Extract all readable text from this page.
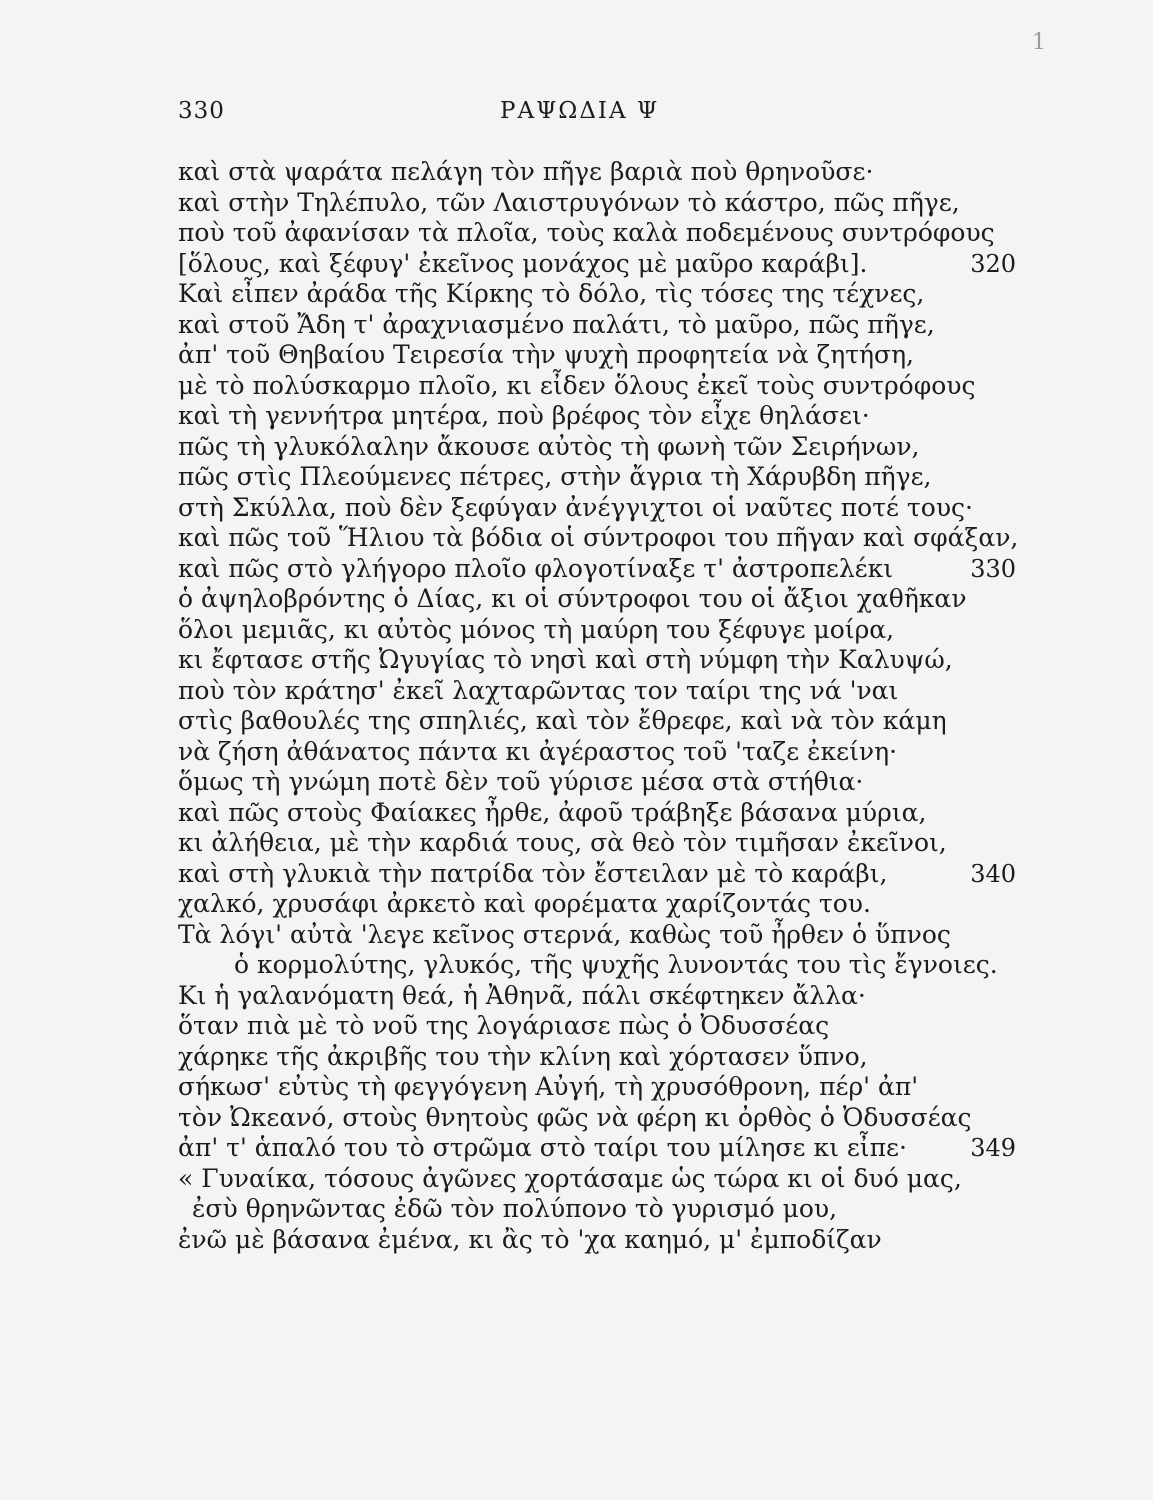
1
330	ΡΑΨΩΔΙΑ Ψ
καὶ στὰ ψαράτα πελάγη τὸν πῆγε βαριὰ ποὺ θρηνοῦσε·
καὶ στὴν Τηλέπυλο, τῶν Λαιστρυγόνων τὸ κάστρο, πῶς πῆγε,
ποὺ τοῦ ἀφανίσαν τὰ πλοῖα, τοὺς καλὰ ποδεμένους συντρόφους
[ὅλους, καὶ ξέφυγ' ἐκεῖνος μονάχος μὲ μαῦρο καράβι].	320
Καὶ εἶπεν ἀράδα τῆς Κίρκης τὸ δόλο, τὶς τόσες της τέχνες,
καὶ στοῦ Ἄδη τ' ἀραχνιασμένο παλάτι, τὸ μαῦρο, πῶς πῆγε,
ἀπ' τοῦ Θηβαίου Τειρεσία τὴν ψυχὴ προφητεία νὰ ζητήση,
μὲ τὸ πολύσκαρμο πλοῖο, κι εἶδεν ὅλους ἐκεῖ τοὺς συντρόφους
καὶ τὴ γεννήτρα μητέρα, ποὺ βρέφος τὸν εἶχε θηλάσει·
πῶς τὴ γλυκόλαλην ἄκουσε αὐτὸς τὴ φωνὴ τῶν Σειρήνων,
πῶς στὶς Πλεούμενες πέτρες, στὴν ἄγρια τὴ Χάρυβδη πῆγε,
στὴ Σκύλλα, ποὺ δὲν ξεφύγαν ἀνέγγιχτοι οἱ ναῦτες ποτέ τους·
καὶ πῶς τοῦ Ἥλιου τὰ βόδια οἱ σύντροφοι του πῆγαν καὶ σφάξαν,
καὶ πῶς στὸ γλήγορο πλοῖο φλογοτίναξε τ' ἀστροπελέκι	330
ὁ ἀψηλοβρόντης ὁ Δίας, κι οἱ σύντροφοι του οἱ ἄξιοι χαθῆκαν
ὅλοι μεμιᾶς, κι αὐτὸς μόνος τὴ μαύρη του ξέφυγε μοίρα,
κι ἔφτασε στῆς Ὠγυγίας τὸ νησὶ καὶ στὴ νύμφη τὴν Καλυψώ,
ποὺ τὸν κράτησ' ἐκεῖ λαχταρῶντας τον ταίρι της νά 'ναι
στὶς βαθουλές της σπηλιές, καὶ τὸν ἔθρεφε, καὶ νὰ τὸν κάμη
νὰ ζήση ἀθάνατος πάντα κι ἀγέραστος τοῦ 'ταζε ἐκείνη·
ὅμως τὴ γνώμη ποτὲ δὲν τοῦ γύρισε μέσα στὰ στήθια·
καὶ πῶς στοὺς Φαίακες ἦρθε, ἀφοῦ τράβηξε βάσανα μύρια,
κι ἀλήθεια, μὲ τὴν καρδιά τους, σὰ θεὸ τὸν τιμῆσαν ἐκεῖνοι,
καὶ στὴ γλυκιὰ τὴν πατρίδα τὸν ἔστειλαν μὲ τὸ καράβι,	340
χαλκό, χρυσάφι ἀρκετὸ καὶ φορέματα χαρίζοντάς του.
Τὰ λόγι' αὐτὰ 'λεγε κεῖνος στερνά, καθὼς τοῦ ἦρθεν ὁ ὕπνος
ὁ κορμολύτης, γλυκός, τῆς ψυχῆς λυνοντάς του τὶς ἔγνοιες.
Κι ἡ γαλανόματη θεά, ἡ Ἀθηνᾶ, πάλι σκέφτηκεν ἄλλα·
ὅταν πιὰ μὲ τὸ νοῦ της λογάριασε πὼς ὁ Ὀδυσσέας
χάρηκε τῆς ἀκριβῆς του τὴν κλίνη καὶ χόρτασεν ὕπνο,
σήκωσ' εὐτὺς τὴ φεγγόγενη Αὐγή, τὴ χρυσόθρονη, πέρ' ἀπ'
τὸν Ὠκεανό, στοὺς θνητοὺς φῶς νὰ φέρη κι ὀρθὸς ὁ Ὀδυσσέας
ἀπ' τ' ἁπαλό του τὸ στρῶμα στὸ ταίρι του μίλησε κι εἶπε·	349
« Γυναίκα, τόσους ἀγῶνες χορτάσαμε ὡς τώρα κι οἱ δυό μας,
ἐσὺ θρηνῶντας ἐδῶ τὸν πολύπονο τὸ γυρισμό μου,
ἐνῶ μὲ βάσανα ἐμένα, κι ἂς τὸ 'χα καημό, μ' ἐμποδίζαν
